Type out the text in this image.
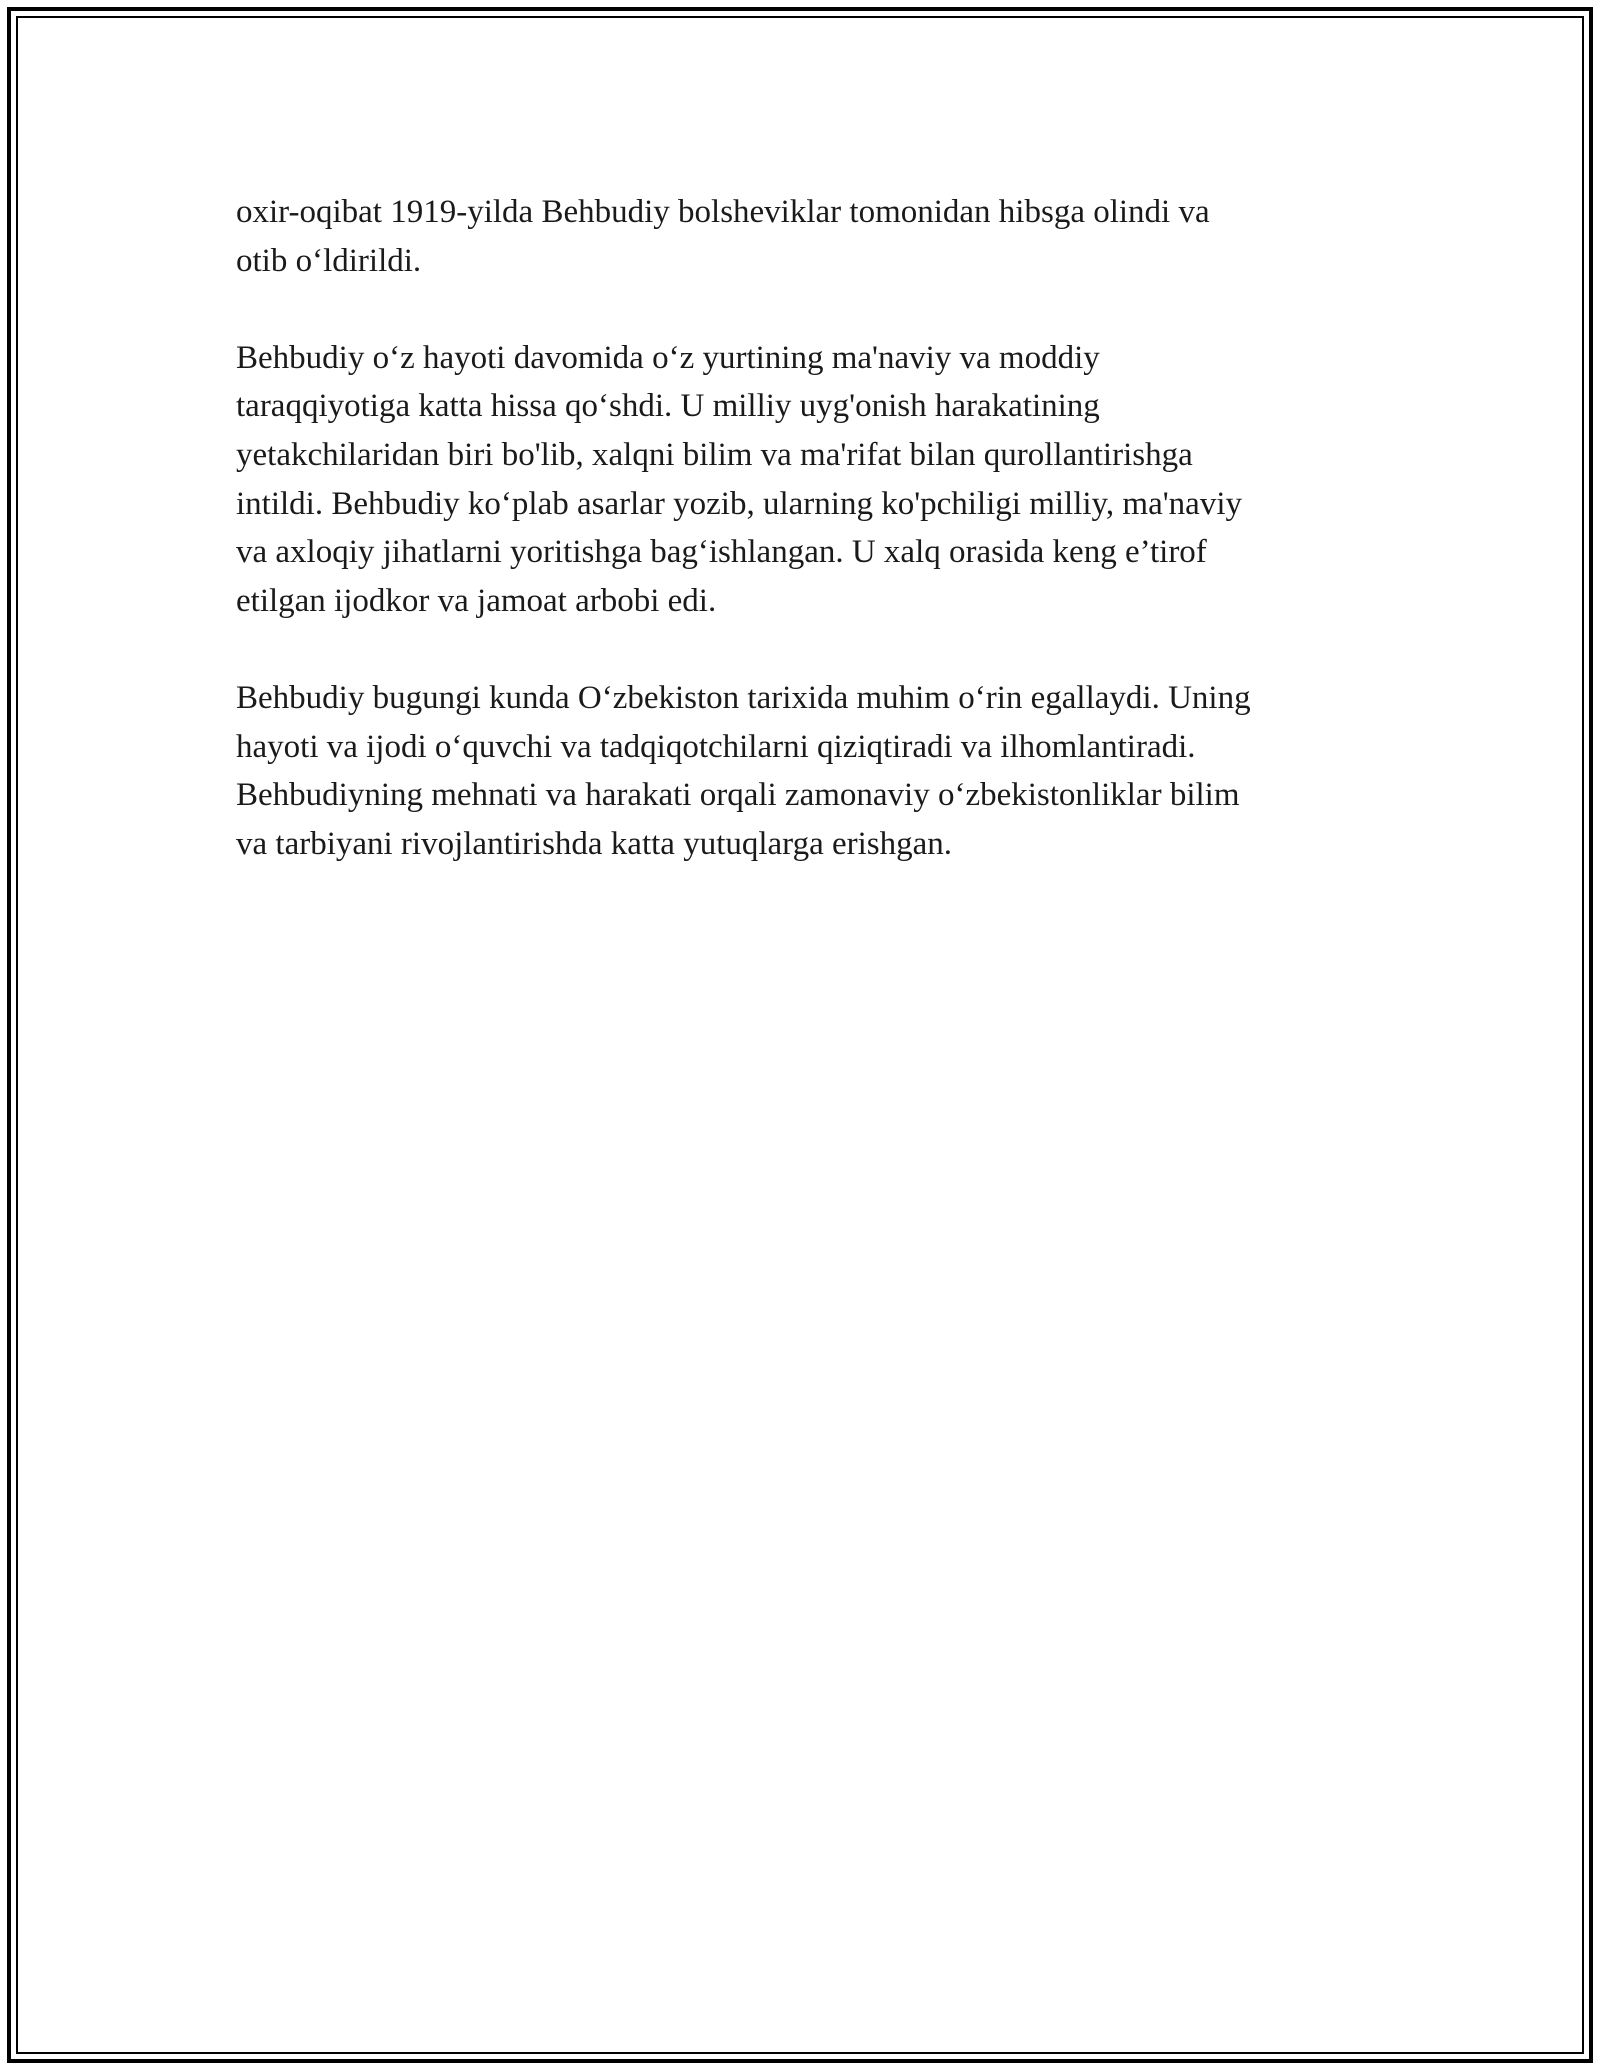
oxir-oqibat 1919-yilda Behbudiy bolsheviklar tomonidan hibsga olindi va
otib o‘ldirildi.

Behbudiy o‘z hayoti davomida o‘z yurtining ma'naviy va moddiy
taraqqiyotiga katta hissa qo‘shdi. U milliy uyg'onish harakatining
yetakchilaridan biri bo'lib, xalqni bilim va ma'rifat bilan qurollantirishga
intildi. Behbudiy ko‘plab asarlar yozib, ularning ko'pchiligi milliy, ma'naviy
va axloqiy jihatlarni yoritishga bag‘ishlangan. U xalq orasida keng e’tirof
etilgan ijodkor va jamoat arbobi edi.

Behbudiy bugungi kunda O‘zbekiston tarixida muhim o‘rin egallaydi. Uning
hayoti va ijodi o‘quvchi va tadqiqotchilarni qiziqtiradi va ilhomlantiradi.
Behbudiyning mehnati va harakati orqali zamonaviy o‘zbekistonliklar bilim
va tarbiyani rivojlantirishda katta yutuqlarga erishgan.
